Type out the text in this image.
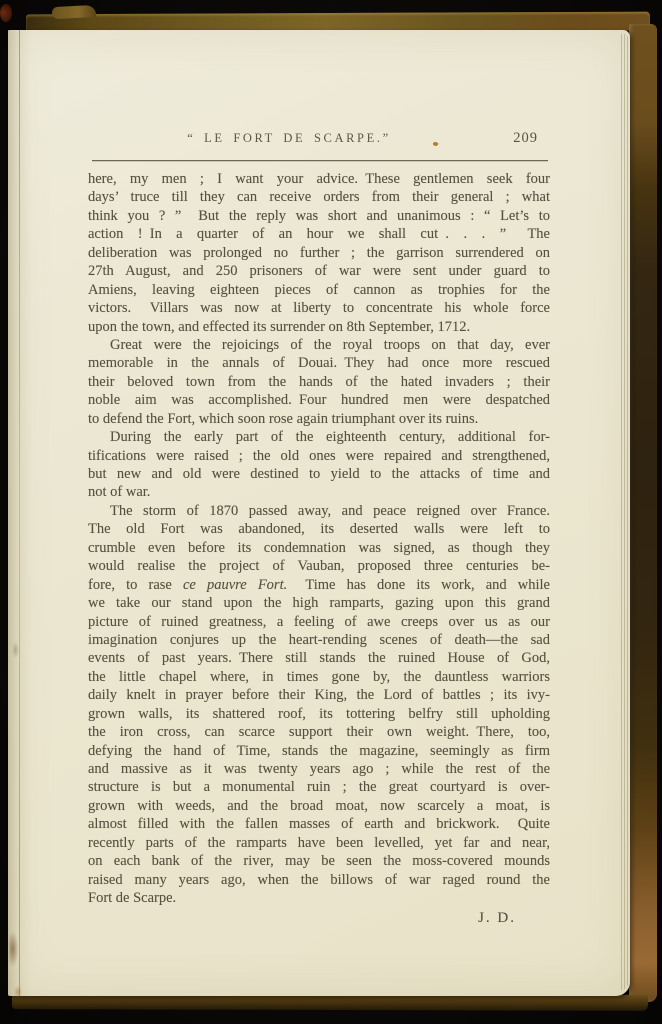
“ LE FORT DE SCARPE.”	209
here, my men ; I want your advice. These gentlemen seek four
days’ truce till they can receive orders from their general ; what
think you ? ”  But the reply was short and unanimous : “ Let’s to
action ! In a quarter of an hour we shall cut .  .  .  ”  The
deliberation was prolonged no further ; the garrison surrendered on
27th August, and 250 prisoners of war were sent under guard to
Amiens, leaving eighteen pieces of cannon as trophies for the
victors.  Villars was now at liberty to concentrate his whole force
upon the town, and effected its surrender on 8th September, 1712.
Great were the rejoicings of the royal troops on that day, ever
memorable in the annals of Douai. They had once more rescued
their beloved town from the hands of the hated invaders ; their
noble aim was accomplished. Four hundred men were despatched
to defend the Fort, which soon rose again triumphant over its ruins.
During the early part of the eighteenth century, additional for-
tifications were raised ; the old ones were repaired and strengthened,
but new and old were destined to yield to the attacks of time and
not of war.
The storm of 1870 passed away, and peace reigned over France.
The old Fort was abandoned, its deserted walls were left to
crumble even before its condemnation was signed, as though they
would realise the project of Vauban, proposed three centuries be-
fore, to rase ce pauvre Fort.  Time has done its work, and while
we take our stand upon the high ramparts, gazing upon this grand
picture of ruined greatness, a feeling of awe creeps over us as our
imagination conjures up the heart-rending scenes of death—the sad
events of past years. There still stands the ruined House of God,
the little chapel where, in times gone by, the dauntless warriors
daily knelt in prayer before their King, the Lord of battles ; its ivy-
grown walls, its shattered roof, its tottering belfry still upholding
the iron cross, can scarce support their own weight. There, too,
defying the hand of Time, stands the magazine, seemingly as firm
and massive as it was twenty years ago ; while the rest of the
structure is but a monumental ruin ; the great courtyard is over-
grown with weeds, and the broad moat, now scarcely a moat, is
almost filled with the fallen masses of earth and brickwork.  Quite
recently parts of the ramparts have been levelled, yet far and near,
on each bank of the river, may be seen the moss-covered mounds
raised many years ago, when the billows of war raged round the
Fort de Scarpe.
J. D.
